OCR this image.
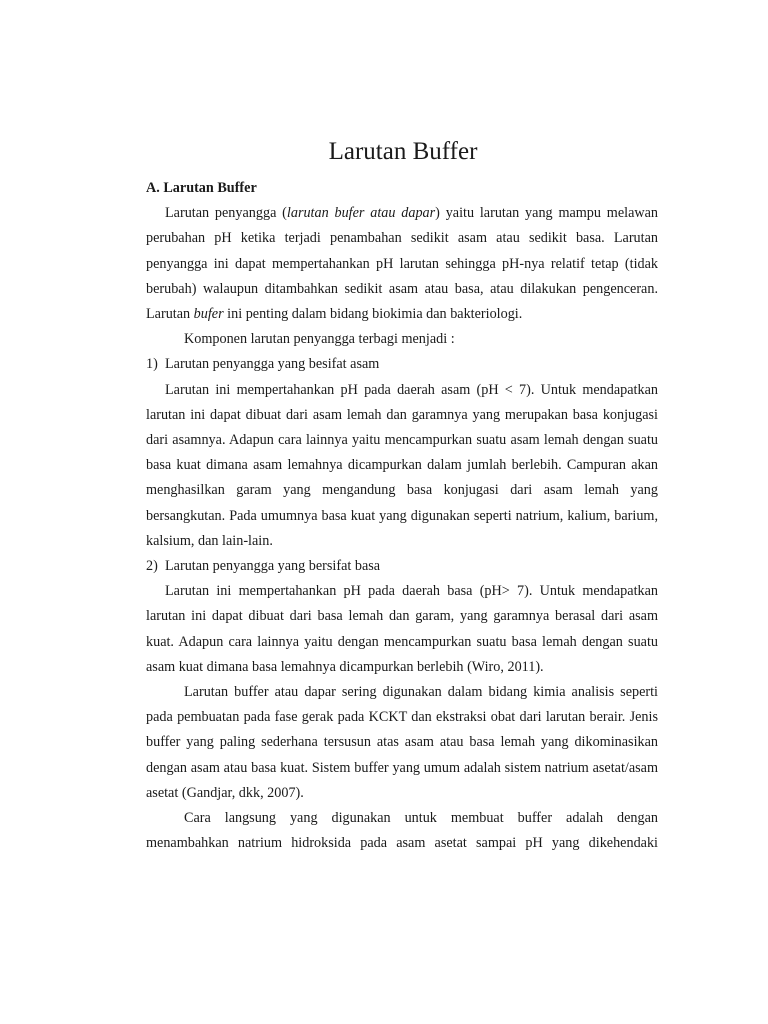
Larutan Buffer
A. Larutan Buffer

Larutan penyangga (larutan bufer atau dapar) yaitu larutan yang mampu melawan perubahan pH ketika terjadi penambahan sedikit asam atau sedikit basa. Larutan penyangga ini dapat mempertahankan pH larutan sehingga pH-nya relatif tetap (tidak berubah) walaupun ditambahkan sedikit asam atau basa, atau dilakukan pengenceran. Larutan bufer ini penting dalam bidang biokimia dan bakteriologi.

Komponen larutan penyangga terbagi menjadi :

1) Larutan penyangga yang besifat asam

Larutan ini mempertahankan pH pada daerah asam (pH < 7). Untuk mendapatkan larutan ini dapat dibuat dari asam lemah dan garamnya yang merupakan basa konjugasi dari asamnya. Adapun cara lainnya yaitu mencampurkan suatu asam lemah dengan suatu basa kuat dimana asam lemahnya dicampurkan dalam jumlah berlebih. Campuran akan menghasilkan garam yang mengandung basa konjugasi dari asam lemah yang bersangkutan. Pada umumnya basa kuat yang digunakan seperti natrium, kalium, barium, kalsium, dan lain-lain.

2) Larutan penyangga yang bersifat basa

Larutan ini mempertahankan pH pada daerah basa (pH> 7). Untuk mendapatkan larutan ini dapat dibuat dari basa lemah dan garam, yang garamnya berasal dari asam kuat. Adapun cara lainnya yaitu dengan mencampurkan suatu basa lemah dengan suatu asam kuat dimana basa lemahnya dicampurkan berlebih (Wiro, 2011).

Larutan buffer atau dapar sering digunakan dalam bidang kimia analisis seperti pada pembuatan pada fase gerak pada KCKT dan ekstraksi obat dari larutan berair. Jenis buffer yang paling sederhana tersusun atas asam atau basa lemah yang dikominasikan dengan asam atau basa kuat. Sistem buffer yang umum adalah sistem natrium asetat/asam asetat (Gandjar, dkk, 2007).

Cara langsung yang digunakan untuk membuat buffer adalah dengan menambahkan natrium hidroksida pada asam asetat sampai pH yang dikehendaki
